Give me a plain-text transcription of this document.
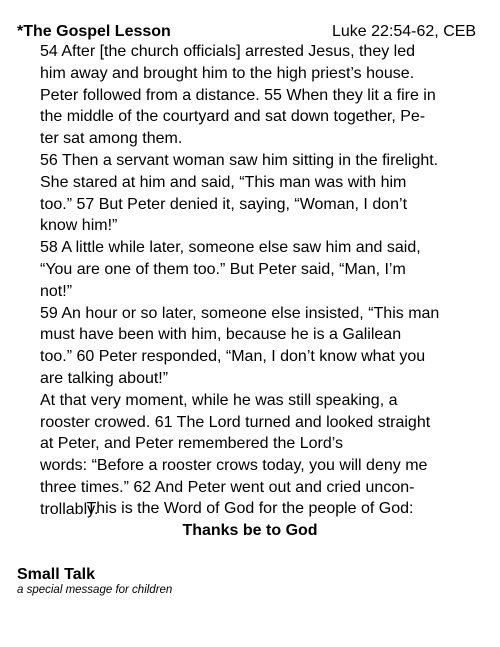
*The Gospel Lesson	Luke 22:54-62, CEB
54 After [the church officials] arrested Jesus, they led
him away and brought him to the high priest’s house.
Peter followed from a distance. 55 When they lit a fire in
the middle of the courtyard and sat down together, Pe-
ter sat among them.
56 Then a servant woman saw him sitting in the firelight.
She stared at him and said, “This man was with him
too.” 57 But Peter denied it, saying, “Woman, I don’t
know him!”
58 A little while later, someone else saw him and said,
“You are one of them too.” But Peter said, “Man, I’m
not!”
59 An hour or so later, someone else insisted, “This man
must have been with him, because he is a Galilean
too.” 60 Peter responded, “Man, I don’t know what you
are talking about!”
At that very moment, while he was still speaking, a
rooster crowed. 61 The Lord turned and looked straight
at Peter, and Peter remembered the Lord’s
words: “Before a rooster crows today, you will deny me
three times.” 62 And Peter went out and cried uncon-
trollably.
This is the Word of God for the people of God:
Thanks be to God
Small Talk
a special message for children
